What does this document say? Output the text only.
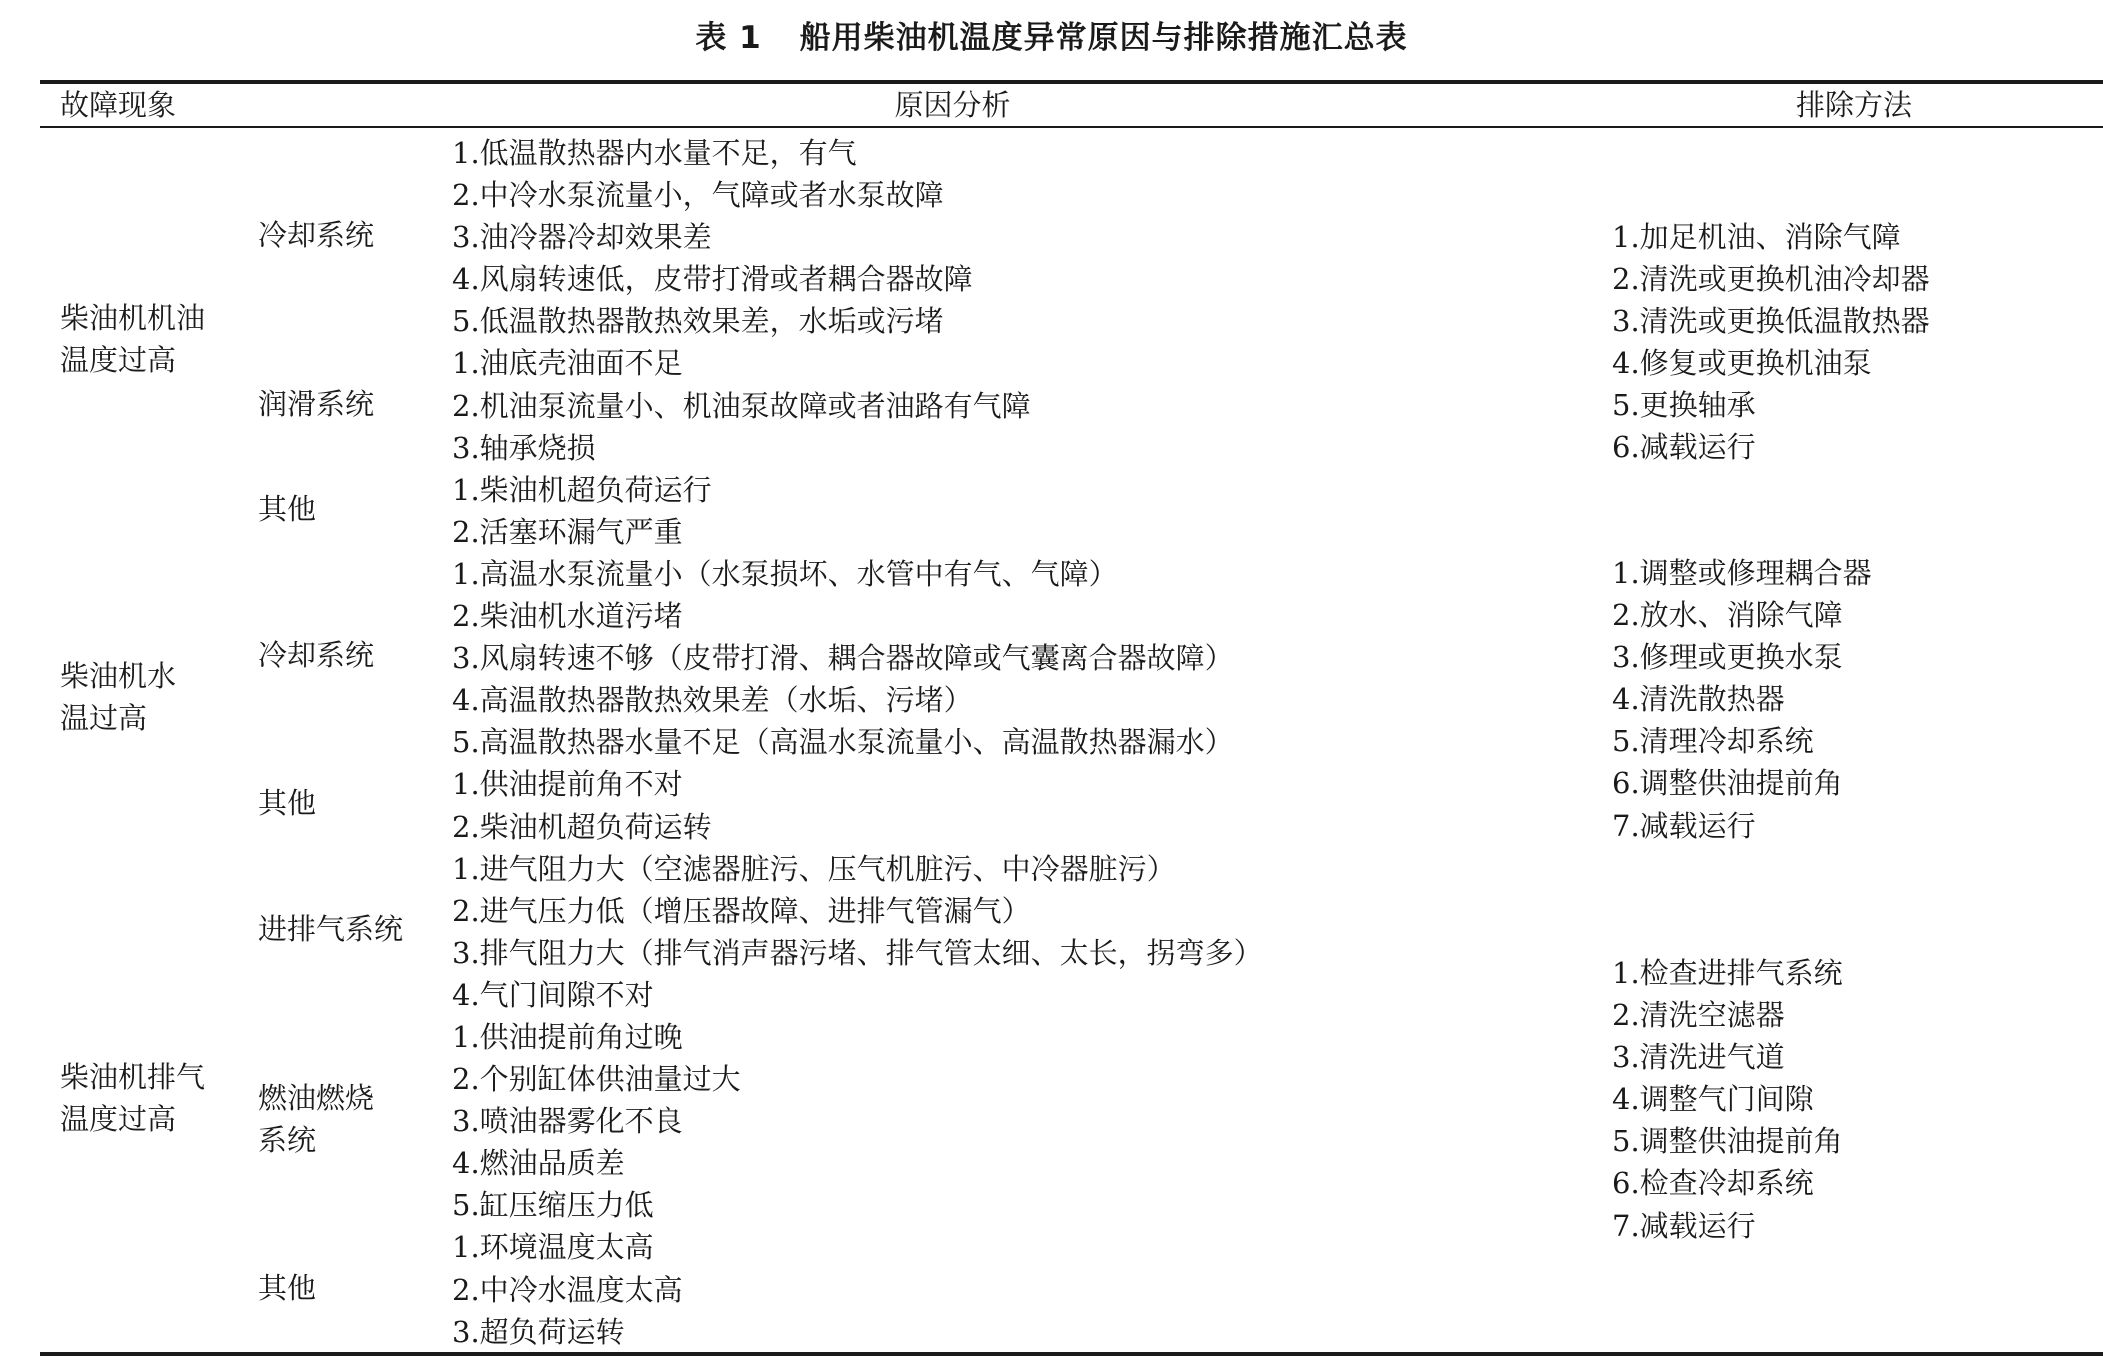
表 1 船用柴油机温度异常原因与排除措施汇总表
故障现象	原因分析	排除方法
柴油机机油
温度过高
柴油机水
温过高
柴油机排气
温度过高
冷却系统
润滑系统
其他
冷却系统
其他
进排气系统
燃油燃烧
系统
其他
1.低温散热器内水量不足，有气
2.中冷水泵流量小，气障或者水泵故障
3.油冷器冷却效果差
4.风扇转速低，皮带打滑或者耦合器故障
5.低温散热器散热效果差，水垢或污堵
1.油底壳油面不足
2.机油泵流量小、机油泵故障或者油路有气障
3.轴承烧损
1.柴油机超负荷运行
2.活塞环漏气严重
1.高温水泵流量小（水泵损坏、水管中有气、气障）
2.柴油机水道污堵
3.风扇转速不够（皮带打滑、耦合器故障或气囊离合器故障）
4.高温散热器散热效果差（水垢、污堵）
5.高温散热器水量不足（高温水泵流量小、高温散热器漏水）
1.供油提前角不对
2.柴油机超负荷运转
1.进气阻力大（空滤器脏污、压气机脏污、中冷器脏污）
2.进气压力低（增压器故障、进排气管漏气）
3.排气阻力大（排气消声器污堵、排气管太细、太长，拐弯多）
4.气门间隙不对
1.供油提前角过晚
2.个别缸体供油量过大
3.喷油器雾化不良
4.燃油品质差
5.缸压缩压力低
1.环境温度太高
2.中冷水温度太高
3.超负荷运转
1.加足机油、消除气障
2.清洗或更换机油冷却器
3.清洗或更换低温散热器
4.修复或更换机油泵
5.更换轴承
6.减载运行
1.调整或修理耦合器
2.放水、消除气障
3.修理或更换水泵
4.清洗散热器
5.清理冷却系统
6.调整供油提前角
7.减载运行
1.检查进排气系统
2.清洗空滤器
3.清洗进气道
4.调整气门间隙
5.调整供油提前角
6.检查冷却系统
7.减载运行
